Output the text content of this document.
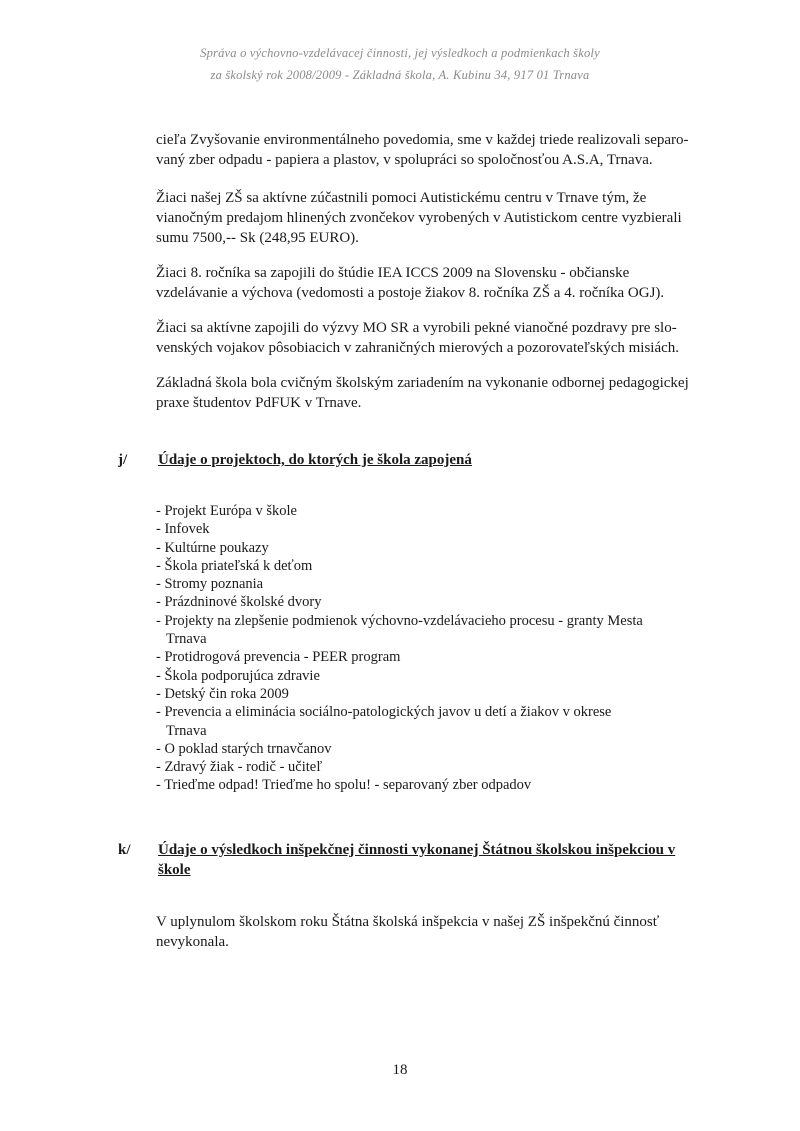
Správa o výchovno-vzdelávacej činnosti, jej výsledkoch a podmienkach školy
za školský rok 2008/2009 - Základná škola, A. Kubinu 34, 917 01 Trnava

cieľa Zvyšovanie environmentálneho povedomia, sme v každej triede realizovali separo-
vaný zber odpadu - papiera a plastov, v spolupráci so spoločnosťou A.S.A, Trnava.

Žiaci našej ZŠ sa aktívne zúčastnili pomoci Autistickému centru v Trnave tým, že
vianočným predajom hlinených zvončekov vyrobených v Autistickom centre vyzbierali
sumu 7500,-- Sk (248,95 EURO).

Žiaci 8. ročníka sa zapojili do štúdie IEA ICCS 2009 na Slovensku - občianske
vzdelávanie a výchova (vedomosti a postoje žiakov 8. ročníka ZŠ a 4. ročníka OGJ).

Žiaci sa aktívne zapojili do výzvy MO SR a vyrobili pekné vianočné pozdravy pre slo-
venských vojakov pôsobiacich v zahraničných mierových a pozorovateľských misiách.

Základná škola bola cvičným školským zariadením na vykonanie odbornej pedagogickej
praxe študentov PdFUK v Trnave.

j/ Údaje o projektoch, do ktorých je škola zapojená
- Projekt Európa v škole
- Infovek
- Kultúrne poukazy
- Škola priateľská k deťom
- Stromy poznania
- Prázdninové školské dvory
- Projekty na zlepšenie podmienok výchovno-vzdelávacieho procesu - granty Mesta
Trnava
- Protidrogová prevencia - PEER program
- Škola podporujúca zdravie
- Detský čin roka 2009
- Prevencia a eliminácia sociálno-patologických javov u detí a žiakov v okrese
Trnava
- O poklad starých trnavčanov
- Zdravý žiak - rodič - učiteľ
- Trieďme odpad! Trieďme ho spolu! - separovaný zber odpadov
k/ Údaje o výsledkoch inšpekčnej činnosti vykonanej Štátnou školskou inšpekciou v
škole

V uplynulom školskom roku Štátna školská inšpekcia v našej ZŠ inšpekčnú činnosť
nevykonala.

18
